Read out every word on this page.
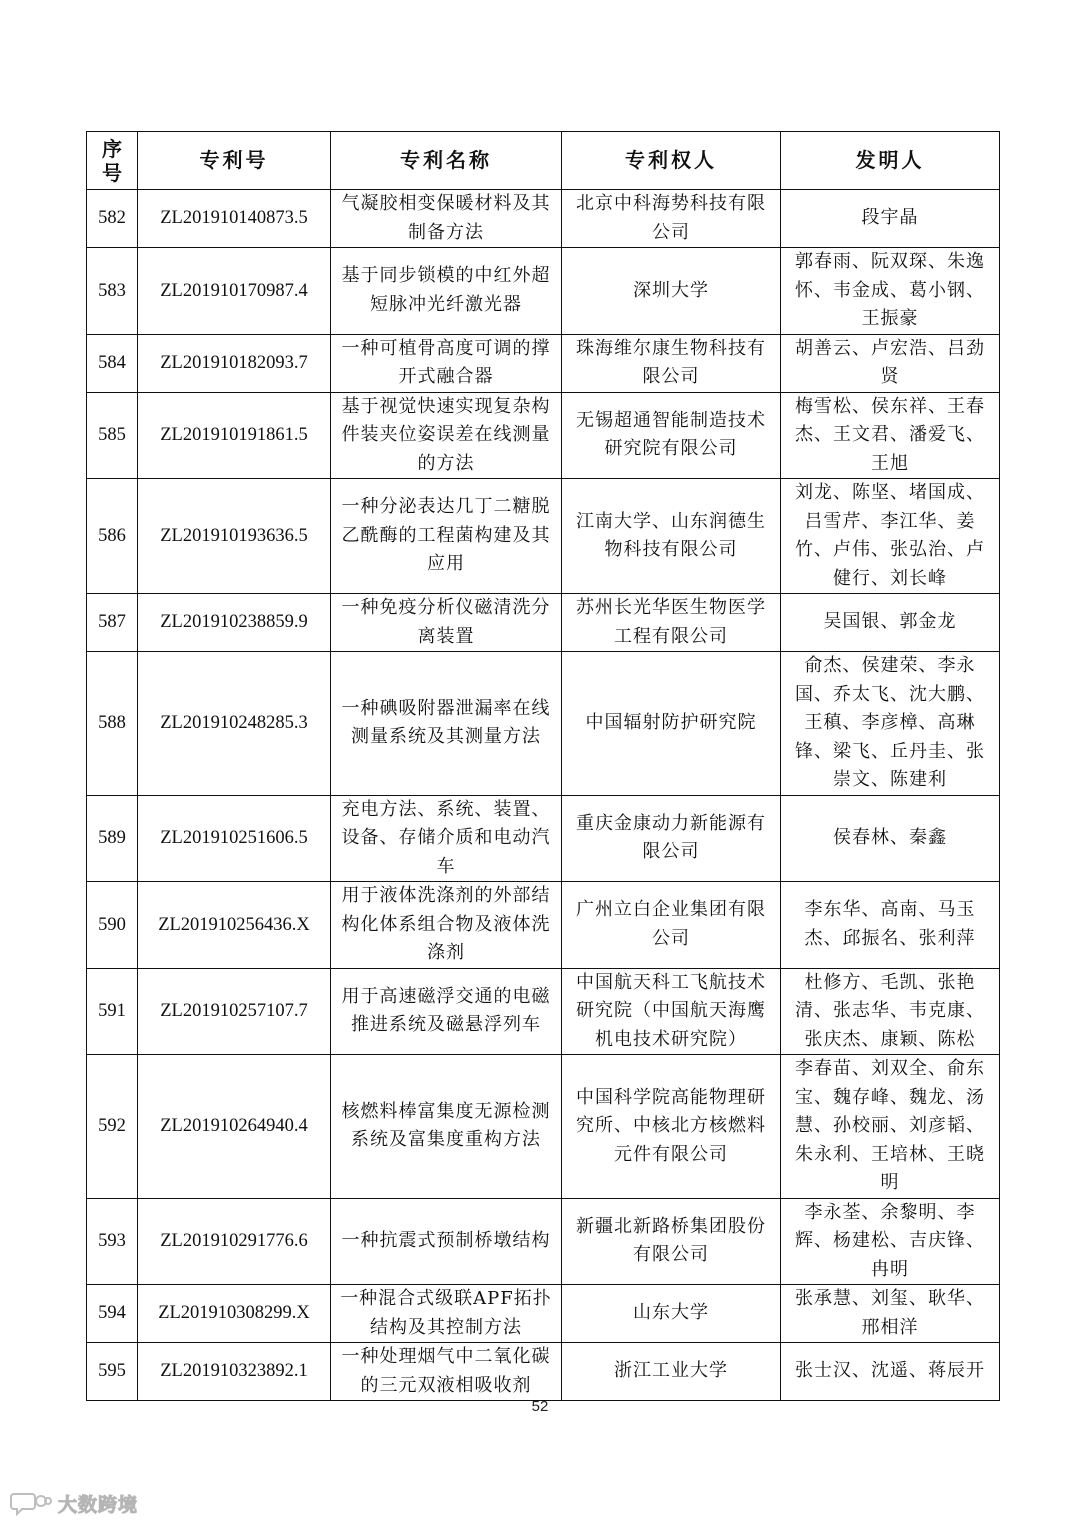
序
号	专利号	专利名称	专利权人	发明人
582	ZL201910140873.5	气凝胶相变保暖材料及其制备方法	北京中科海势科技有限公司	段宇晶
583	ZL201910170987.4	基于同步锁模的中红外超短脉冲光纤激光器	深圳大学	郭春雨、阮双琛、朱逸怀、韦金成、葛小钢、王振豪
584	ZL201910182093.7	一种可植骨高度可调的撑开式融合器	珠海维尔康生物科技有限公司	胡善云、卢宏浩、吕劲贤
585	ZL201910191861.5	基于视觉快速实现复杂构件装夹位姿误差在线测量的方法	无锡超通智能制造技术研究院有限公司	梅雪松、侯东祥、王春杰、王文君、潘爱飞、王旭
586	ZL201910193636.5	一种分泌表达几丁二糖脱乙酰酶的工程菌构建及其应用	江南大学、山东润德生物科技有限公司	刘龙、陈坚、堵国成、吕雪芹、李江华、姜竹、卢伟、张弘治、卢健行、刘长峰
587	ZL201910238859.9	一种免疫分析仪磁清洗分离装置	苏州长光华医生物医学工程有限公司	吴国银、郭金龙
588	ZL201910248285.3	一种碘吸附器泄漏率在线测量系统及其测量方法	中国辐射防护研究院	俞杰、侯建荣、李永国、乔太飞、沈大鹏、王稹、李彦樟、高琳锋、梁飞、丘丹圭、张崇文、陈建利
589	ZL201910251606.5	充电方法、系统、装置、设备、存储介质和电动汽车	重庆金康动力新能源有限公司	侯春林、秦鑫
590	ZL201910256436.X	用于液体洗涤剂的外部结构化体系组合物及液体洗涤剂	广州立白企业集团有限公司	李东华、高南、马玉杰、邱振名、张利萍
591	ZL201910257107.7	用于高速磁浮交通的电磁推进系统及磁悬浮列车	中国航天科工飞航技术研究院（中国航天海鹰机电技术研究院）	杜修方、毛凯、张艳清、张志华、韦克康、张庆杰、康颖、陈松
592	ZL201910264940.4	核燃料棒富集度无源检测系统及富集度重构方法	中国科学院高能物理研究所、中核北方核燃料元件有限公司	李春苗、刘双全、俞东宝、魏存峰、魏龙、汤慧、孙校丽、刘彦韬、朱永利、王培林、王晓明
593	ZL201910291776.6	一种抗震式预制桥墩结构	新疆北新路桥集团股份有限公司	李永荃、余黎明、李辉、杨建松、吉庆锋、冉明
594	ZL201910308299.X	一种混合式级联APF拓扑结构及其控制方法	山东大学	张承慧、刘玺、耿华、邢相洋
595	ZL201910323892.1	一种处理烟气中二氧化碳的三元双液相吸收剂	浙江工业大学	张士汉、沈遥、蒋辰开
52
大数跨境
